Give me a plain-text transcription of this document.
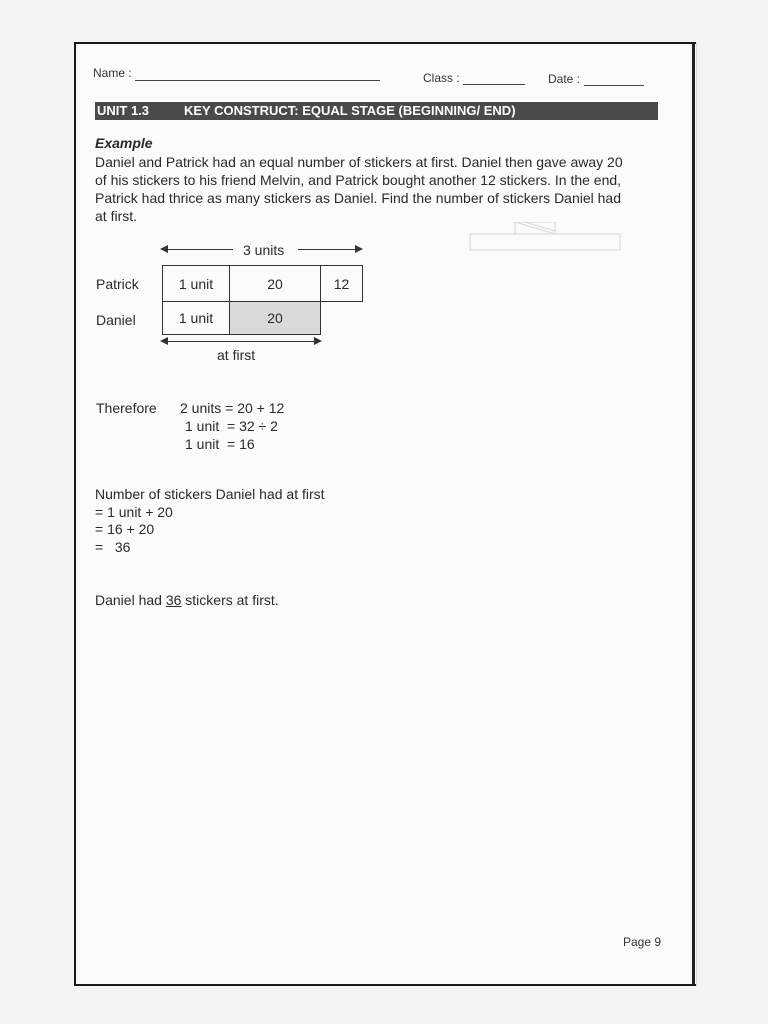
Name :	Class :	Date :
UNIT 1.3	KEY CONSTRUCT: EQUAL STAGE (BEGINNING/ END)
Example
Daniel and Patrick had an equal number of stickers at first. Daniel then gave away 20
of his stickers to his friend Melvin, and Patrick bought another 12 stickers. In the end,
Patrick had thrice as many stickers as Daniel. Find the number of stickers Daniel had
at first.
3 units
Patrick	1 unit	20	12
Daniel	1 unit	20
at first
Therefore 2 units = 20 + 12
1 unit  = 32 ÷ 2
1 unit  = 16
Number of stickers Daniel had at first
= 1 unit + 20
= 16 + 20
=   36
Daniel had 36 stickers at first.
Page 9
